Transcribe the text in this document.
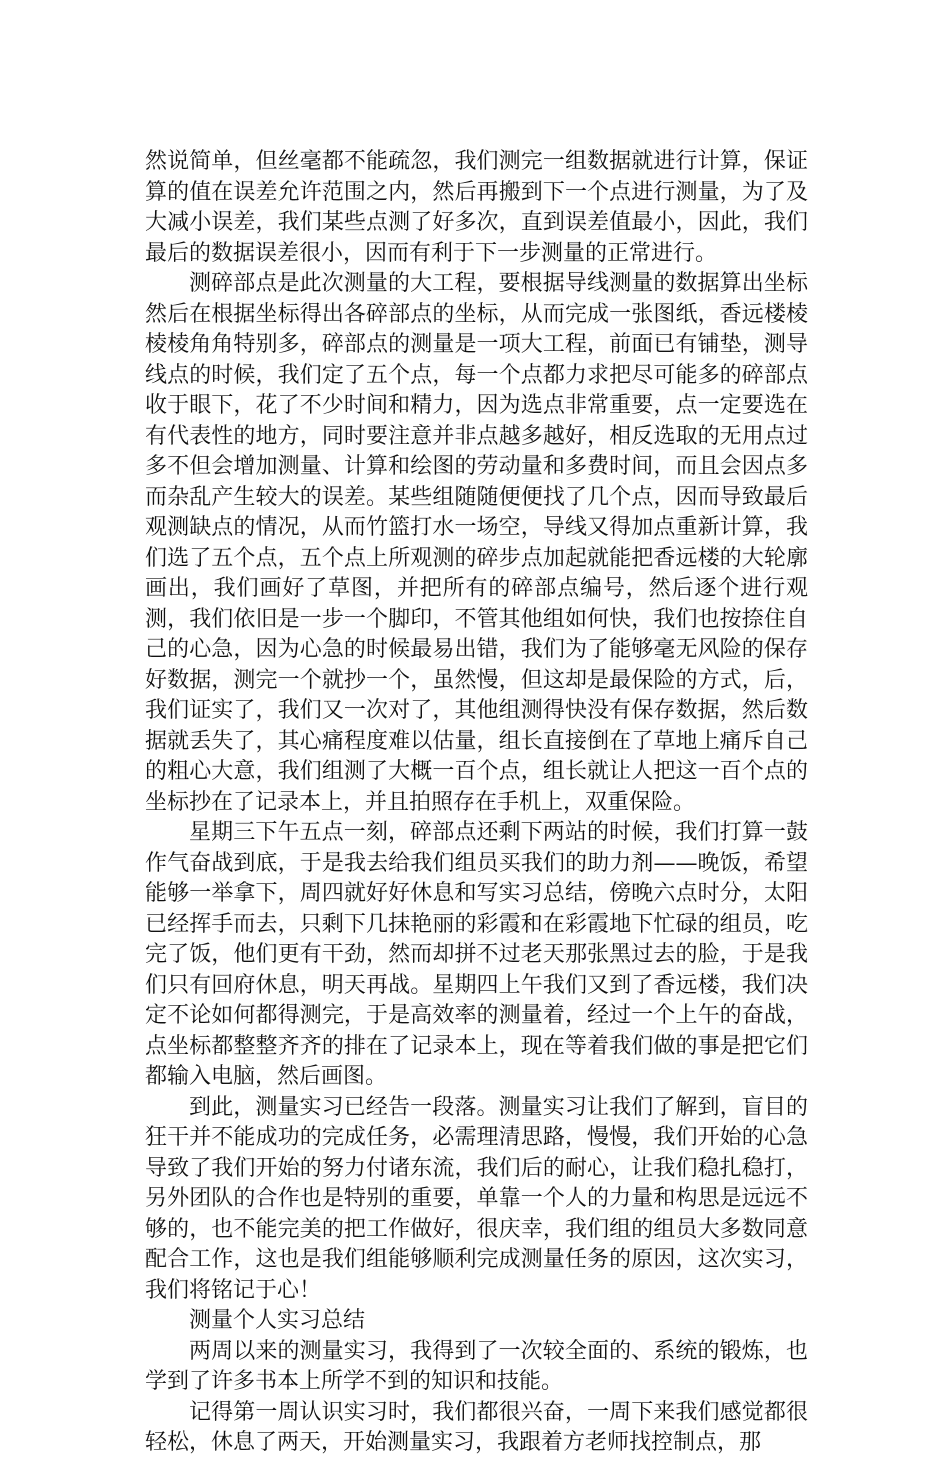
然说简单，但丝毫都不能疏忽，我们测完一组数据就进行计算，保证算的值在误差允许范围之内，然后再搬到下一个点进行测量，为了及大减小误差，我们某些点测了好多次，直到误差值最小，因此，我们最后的数据误差很小，因而有利于下一步测量的正常进行。

测碎部点是此次测量的大工程，要根据导线测量的数据算出坐标然后在根据坐标得出各碎部点的坐标，从而完成一张图纸，香远楼棱棱棱角角特别多，碎部点的测量是一项大工程，前面已有铺垫，测导线点的时候，我们定了五个点，每一个点都力求把尽可能多的碎部点收于眼下，花了不少时间和精力，因为选点非常重要，点一定要选在有代表性的地方，同时要注意并非点越多越好，相反选取的无用点过多不但会增加测量、计算和绘图的劳动量和多费时间，而且会因点多而杂乱产生较大的误差。某些组随随便便找了几个点，因而导致最后观测缺点的情况，从而竹篮打水一场空，导线又得加点重新计算，我们选了五个点，五个点上所观测的碎步点加起就能把香远楼的大轮廓画出，我们画好了草图，并把所有的碎部点编号，然后逐个进行观测，我们依旧是一步一个脚印，不管其他组如何快，我们也按捺住自己的心急，因为心急的时候最易出错，我们为了能够毫无风险的保存好数据，测完一个就抄一个，虽然慢，但这却是最保险的方式，后，我们证实了，我们又一次对了，其他组测得快没有保存数据，然后数据就丢失了，其心痛程度难以估量，组长直接倒在了草地上痛斥自己的粗心大意，我们组测了大概一百个点，组长就让人把这一百个点的坐标抄在了记录本上，并且拍照存在手机上，双重保险。

星期三下午五点一刻，碎部点还剩下两站的时候，我们打算一鼓作气奋战到底，于是我去给我们组员买我们的助力剂——晚饭，希望能够一举拿下，周四就好好休息和写实习总结，傍晚六点时分，太阳已经挥手而去，只剩下几抹艳丽的彩霞和在彩霞地下忙碌的组员，吃完了饭，他们更有干劲，然而却拼不过老天那张黑过去的脸，于是我们只有回府休息，明天再战。星期四上午我们又到了香远楼，我们决定不论如何都得测完，于是高效率的测量着，经过一个上午的奋战，点坐标都整整齐齐的排在了记录本上，现在等着我们做的事是把它们都输入电脑，然后画图。

到此，测量实习已经告一段落。测量实习让我们了解到，盲目的狂干并不能成功的完成任务，必需理清思路，慢慢，我们开始的心急导致了我们开始的努力付诸东流，我们后的耐心，让我们稳扎稳打，另外团队的合作也是特别的重要，单靠一个人的力量和构思是远远不够的，也不能完美的把工作做好，很庆幸，我们组的组员大多数同意配合工作，这也是我们组能够顺利完成测量任务的原因，这次实习，我们将铭记于心！

测量个人实习总结

两周以来的测量实习，我得到了一次较全面的、系统的锻炼，也学到了许多书本上所学不到的知识和技能。

记得第一周认识实习时，我们都很兴奋，一周下来我们感觉都很轻松，休息了两天，开始测量实习，我跟着方老师找控制点，那
